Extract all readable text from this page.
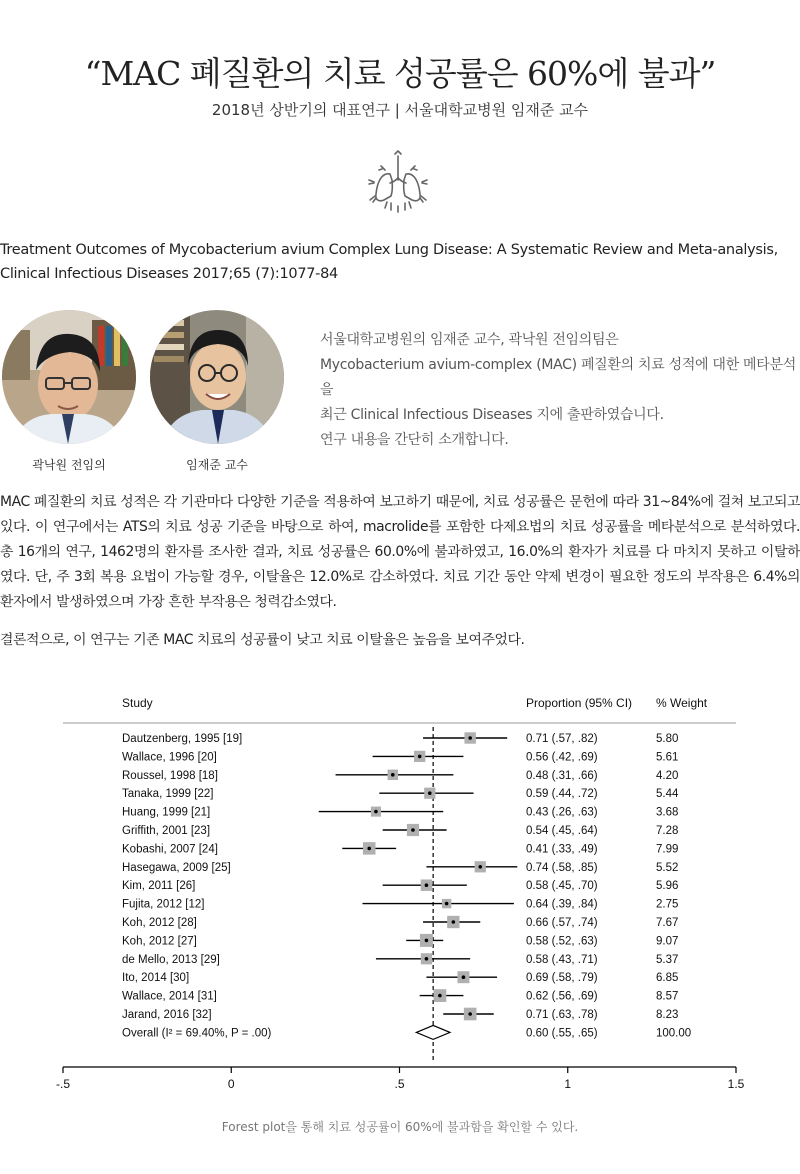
“MAC 폐질환의 치료 성공률은 60%에 불과”
2018년 상반기의 대표연구 | 서울대학교병원 임재준 교수
Treatment Outcomes of Mycobacterium avium Complex Lung Disease: A Systematic Review and Meta-analysis, Clinical Infectious Diseases 2017;65 (7):1077-84
곽낙원 전임의	임재준 교수
서울대학교병원의 임재준 교수, 곽낙원 전임의팀은
Mycobacterium avium-complex (MAC) 폐질환의 치료 성적에 대한 메타분석을
최근 Clinical Infectious Diseases 지에 출판하였습니다.
연구 내용을 간단히 소개합니다.
MAC 폐질환의 치료 성적은 각 기관마다 다양한 기준을 적용하여 보고하기 때문에, 치료 성공률은 문헌에 따라 31~84%에 걸쳐 보고되고 있다. 이 연구에서는 ATS의 치료 성공 기준을 바탕으로 하여, macrolide를 포함한 다제요법의 치료 성공률을 메타분석으로 분석하였다. 총 16개의 연구, 1462명의 환자를 조사한 결과, 치료 성공률은 60.0%에 불과하였고, 16.0%의 환자가 치료를 다 마치지 못하고 이탈하였다. 단, 주 3회 복용 요법이 가능할 경우, 이탈율은 12.0%로 감소하였다. 치료 기간 동안 약제 변경이 필요한 정도의 부작용은 6.4%의 환자에서 발생하였으며 가장 흔한 부작용은 청력감소였다.
결론적으로, 이 연구는 기존 MAC 치료의 성공률이 낮고 치료 이탈율은 높음을 보여주었다.
Study	Proportion (95% CI) % Weight
Dautzenberg, 1995 [19]	0.71 (.57, .82)	5.80
Wallace, 1996 [20]	0.56 (.42, .69)	5.61
Roussel, 1998 [18]	0.48 (.31, .66)	4.20
Tanaka, 1999 [22]	0.59 (.44, .72)	5.44
Huang, 1999 [21]	0.43 (.26, .63)	3.68
Griffith, 2001 [23]	0.54 (.45, .64)	7.28
Kobashi, 2007 [24]	0.41 (.33, .49)	7.99
Hasegawa, 2009 [25]	0.74 (.58, .85)	5.52
Kim, 2011 [26]	0.58 (.45, .70)	5.96
Fujita, 2012 [12]	0.64 (.39, .84)	2.75
Koh, 2012 [28]	0.66 (.57, .74)	7.67
Koh, 2012 [27]	0.58 (.52, .63)	9.07
de Mello, 2013 [29]	0.58 (.43, .71)	5.37
Ito, 2014 [30]	0.69 (.58, .79)	6.85
Wallace, 2014 [31]	0.62 (.56, .69)	8.57
Jarand, 2016 [32]	0.71 (.63, .78)	8.23
Overall (I² = 69.40%, P = .00)	0.60 (.55, .65)	100.00
-.5	0	.5	1	1.5
Forest plot을 통해 치료 성공률이 60%에 불과함을 확인할 수 있다.
